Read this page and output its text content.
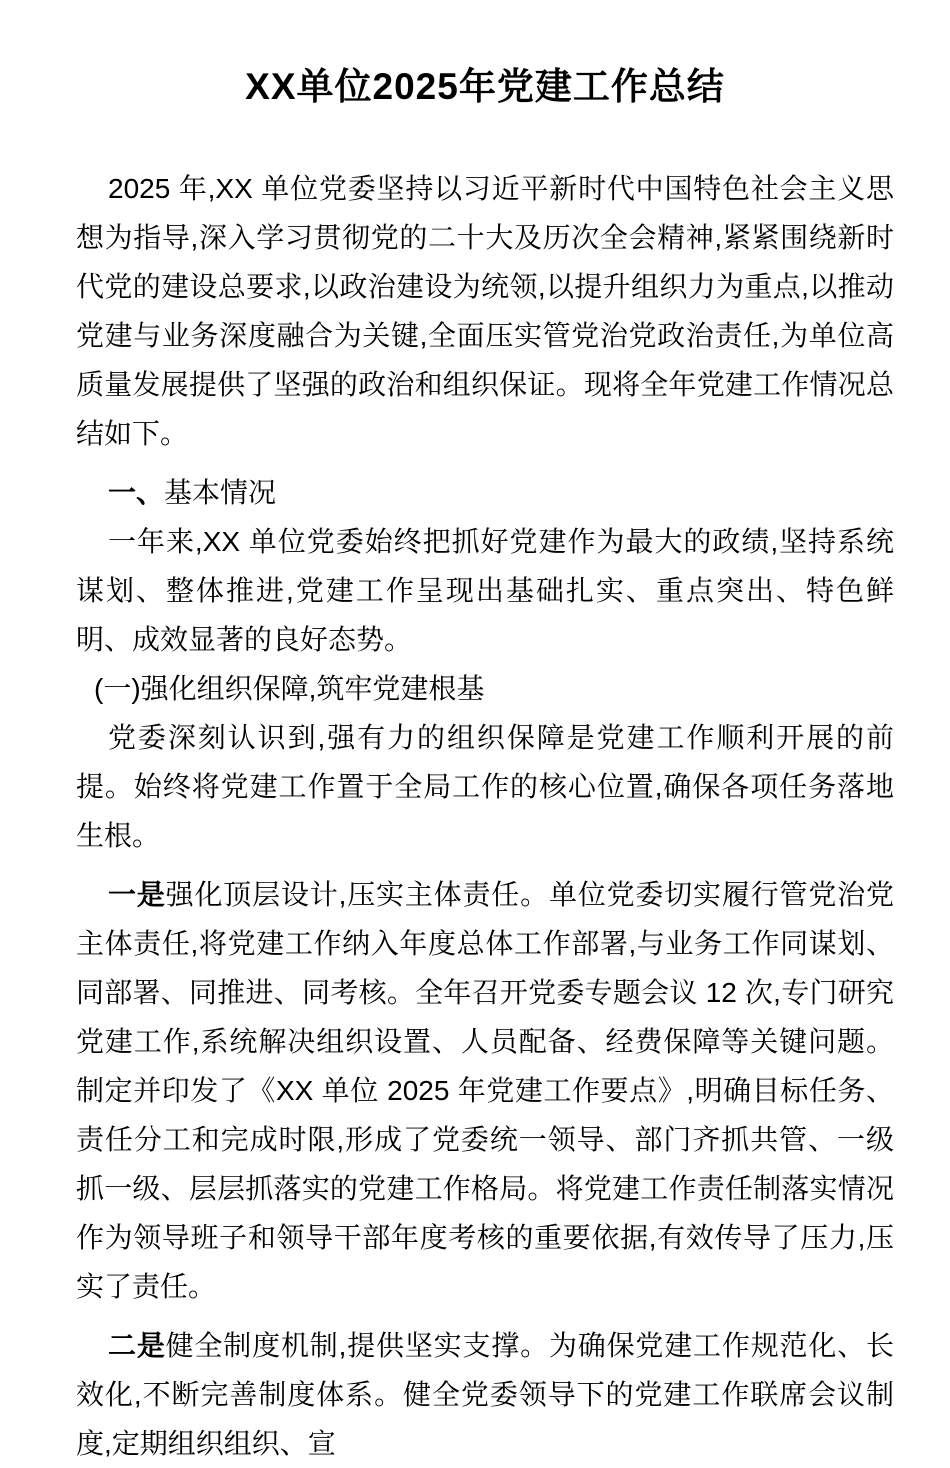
XX单位2025年党建工作总结

2025 年,XX 单位党委坚持以习近平新时代中国特色社会主义思想为指导,深入学习贯彻党的二十大及历次全会精神,紧紧围绕新时代党的建设总要求,以政治建设为统领,以提升组织力为重点,以推动党建与业务深度融合为关键,全面压实管党治党政治责任,为单位高质量发展提供了坚强的政治和组织保证。现将全年党建工作情况总结如下。

一、基本情况

一年来,XX 单位党委始终把抓好党建作为最大的政绩,坚持系统谋划、整体推进,党建工作呈现出基础扎实、重点突出、特色鲜明、成效显著的良好态势。

(一)强化组织保障,筑牢党建根基

党委深刻认识到,强有力的组织保障是党建工作顺利开展的前提。始终将党建工作置于全局工作的核心位置,确保各项任务落地生根。

一是强化顶层设计,压实主体责任。单位党委切实履行管党治党主体责任,将党建工作纳入年度总体工作部署,与业务工作同谋划、同部署、同推进、同考核。全年召开党委专题会议 12 次,专门研究党建工作,系统解决组织设置、人员配备、经费保障等关键问题。制定并印发了《XX 单位 2025 年党建工作要点》,明确目标任务、责任分工和完成时限,形成了党委统一领导、部门齐抓共管、一级抓一级、层层抓落实的党建工作格局。将党建工作责任制落实情况作为领导班子和领导干部年度考核的重要依据,有效传导了压力,压实了责任。

二是健全制度机制,提供坚实支撑。为确保党建工作规范化、长效化,不断完善制度体系。健全党委领导下的党建工作联席会议制度,定期组织组织、宣
